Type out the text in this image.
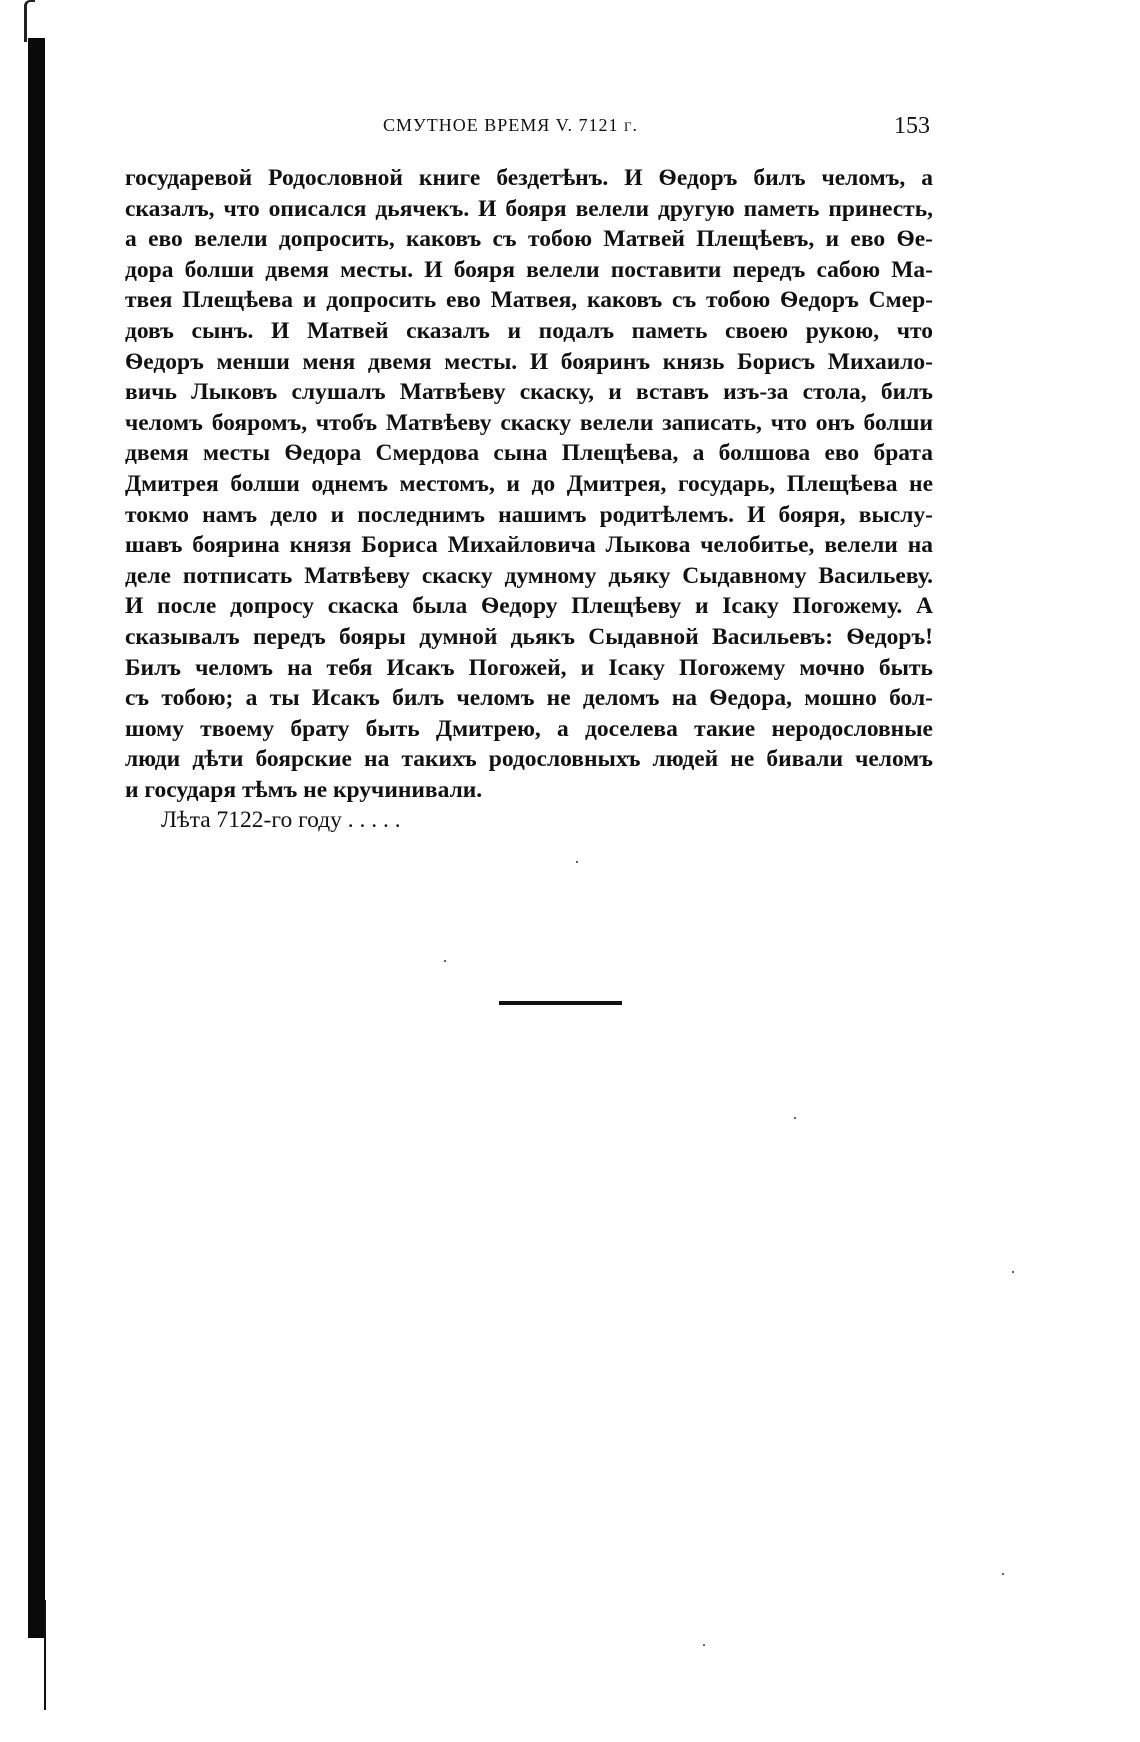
СМУТНОЕ ВРЕМЯ V. 7121 г.	153
государевой Родословной книге бездетѣнъ. И Ѳедоръ билъ челомъ, а
сказалъ, что описался дьячекъ. И бояря велели другую паметь принесть,
а ево велели допросить, каковъ съ тобою Матвей Плещѣевъ, и ево Ѳе-
дора болши двемя месты. И бояря велели поставити передъ сабою Ма-
твея Плещѣева и допросить ево Матвея, каковъ съ тобою Ѳедоръ Смер-
довъ сынъ. И Матвей сказалъ и подалъ паметь своею рукою, что
Ѳедоръ менши меня двемя месты. И бояринъ князь Борисъ Михаило-
вичь Лыковъ слушалъ Матвѣеву скаску, и вставъ изъ-за стола, билъ
челомъ бояромъ, чтобъ Матвѣеву скаску велели записать, что онъ болши
двемя месты Ѳедора Смердова сына Плещѣева, а болшова ево брата
Дмитрея болши однемъ местомъ, и до Дмитрея, государь, Плещѣева не
токмо намъ дело и последнимъ нашимъ родитѣлемъ. И бояря, выслу-
шавъ боярина князя Бориса Михайловича Лыкова челобитье, велели на
деле потписать Матвѣеву скаску думному дьяку Сыдавному Васильеву.
И после допросу скаска была Ѳедору Плещѣеву и Ісаку Погожему. А
сказывалъ передъ бояры думной дьякъ Сыдавной Васильевъ: Ѳедоръ!
Билъ челомъ на тебя Исакъ Погожей, и Ісаку Погожему мочно быть
съ тобою; а ты Исакъ билъ челомъ не деломъ на Ѳедора, мошно бол-
шому твоему брату быть Дмитрею, а доселева такие неродословные
люди дѣти боярские на такихъ родословныхъ людей не бивали челомъ
и государя тѣмъ не кручинивали.
Лѣта 7122-го году . . . . .
